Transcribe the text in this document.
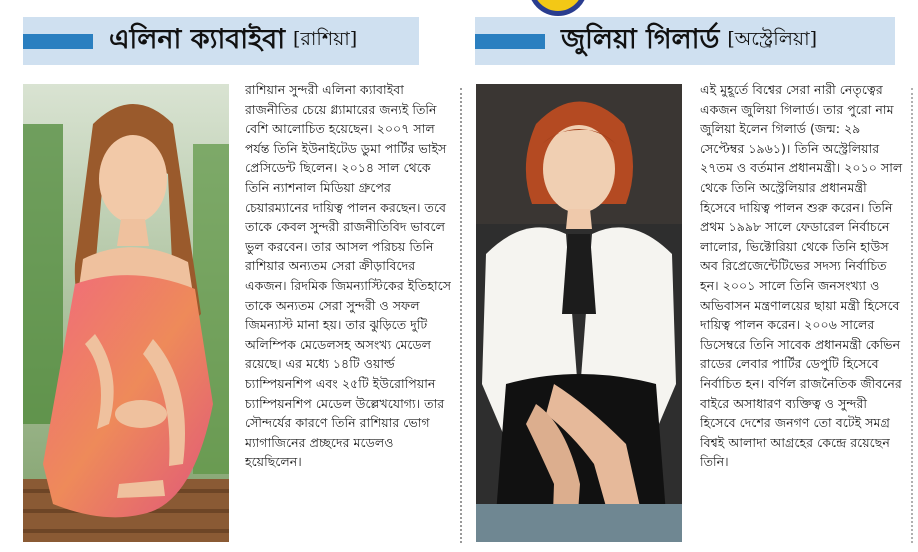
এলিনা ক্যাবাইবা [রাশিয়া]	জুলিয়া গিলার্ড [অস্ট্রেলিয়া]

রাশিয়ান সুন্দরী এলিনা ক্যাবাইবা রাজনীতির চেয়ে গ্ল্যামারের জন্যই তিনি বেশি আলোচিত হয়েছেন। ২০০৭ সাল পর্যন্ত তিনি ইউনাইটেড ডুমা পার্টির ভাইস প্রেসিডেন্ট ছিলেন। ২০১৪ সাল থেকে তিনি ন্যাশনাল মিডিয়া গ্রুপের চেয়ারম্যানের দায়িত্ব পালন করছেন। তবে তাকে কেবল সুন্দরী রাজনীতিবিদ ভাবলে ভুল করবেন। তার আসল পরিচয় তিনি রাশিয়ার অন্যতম সেরা ক্রীড়াবিদের একজন। রিদমিক জিমন্যাস্টিকের ইতিহাসে তাকে অন্যতম সেরা সুন্দরী ও সফল জিমন্যাস্ট মানা হয়। তার ঝুড়িতে দুটি অলিম্পিক মেডেলসহ অসংখ্য মেডেল রয়েছে। এর মধ্যে ১৪টি ওয়ার্ল্ড চ্যাম্পিয়নশিপ এবং ২৫টি ইউরোপিয়ান চ্যাম্পিয়নশিপ মেডেল উল্লেখযোগ্য। তার সৌন্দর্যের কারণে তিনি রাশিয়ার ভোগ ম্যাগাজিনের প্রচ্ছদের মডেলও হয়েছিলেন।

এই মুহূর্তে বিশ্বের সেরা নারী নেতৃত্বের একজন জুলিয়া গিলার্ড। তার পুরো নাম জুলিয়া ইলেন গিলার্ড (জন্ম: ২৯ সেপ্টেম্বর ১৯৬১)। তিনি অস্ট্রেলিয়ার ২৭তম ও বর্তমান প্রধানমন্ত্রী। ২০১০ সাল থেকে তিনি অস্ট্রেলিয়ার প্রধানমন্ত্রী হিসেবে দায়িত্ব পালন শুরু করেন। তিনি প্রথম ১৯৯৮ সালে ফেডারেল নির্বাচনে লালোর, ভিক্টোরিয়া থেকে তিনি হাউস অব রিপ্রেজেন্টেটিভের সদস্য নির্বাচিত হন। ২০০১ সালে তিনি জনসংখ্যা ও অভিবাসন মন্ত্রণালয়ের ছায়া মন্ত্রী হিসেবে দায়িত্ব পালন করেন। ২০০৬ সালের ডিসেম্বরে তিনি সাবেক প্রধানমন্ত্রী কেভিন রাডের লেবার পার্টির ডেপুটি হিসেবে নির্বাচিত হন। বর্ণিল রাজনৈতিক জীবনের বাইরে অসাধারণ ব্যক্তিত্ব ও সুন্দরী হিসেবে দেশের জনগণ তো বটেই সমগ্র বিশ্বই আলাদা আগ্রহের কেন্দ্রে রয়েছেন তিনি।
